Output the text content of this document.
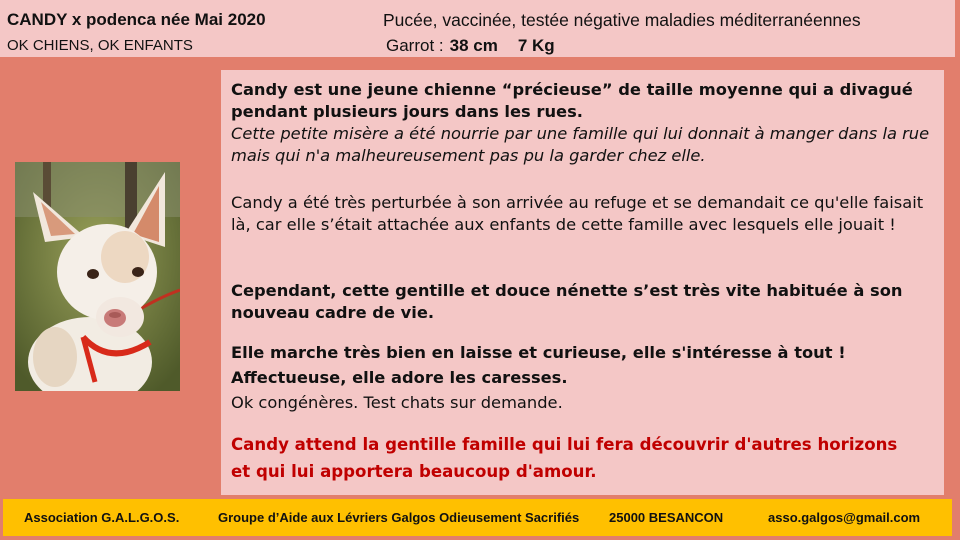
CANDY x podenca née Mai 2020
OK CHIENS, OK ENFANTS
Pucée, vaccinée, testée négative maladies méditerranéennes
Garrot : 38 cm 7 Kg

Candy est une jeune chienne “précieuse” de taille moyenne qui a divagué pendant plusieurs jours dans les rues.
Cette petite misère a été nourrie par une famille qui lui donnait à manger dans la rue mais qui n'a malheureusement pas pu la garder chez elle.

Candy a été très perturbée à son arrivée au refuge et se demandait ce qu'elle faisait là, car elle s’était attachée aux enfants de cette famille avec lesquels elle jouait !

Cependant, cette gentille et douce nénette s’est très vite habituée à son nouveau cadre de vie.

Elle marche très bien en laisse et curieuse, elle s'intéresse à tout !
Affectueuse, elle adore les caresses.
Ok congénères. Test chats sur demande.

Candy attend la gentille famille qui lui fera découvrir d'autres horizons et qui lui apportera beaucoup d'amour.

Association G.A.L.G.O.S.	Groupe d’Aide aux Lévriers Galgos Odieusement Sacrifiés 25000 BESANCON	asso.galgos@gmail.com
